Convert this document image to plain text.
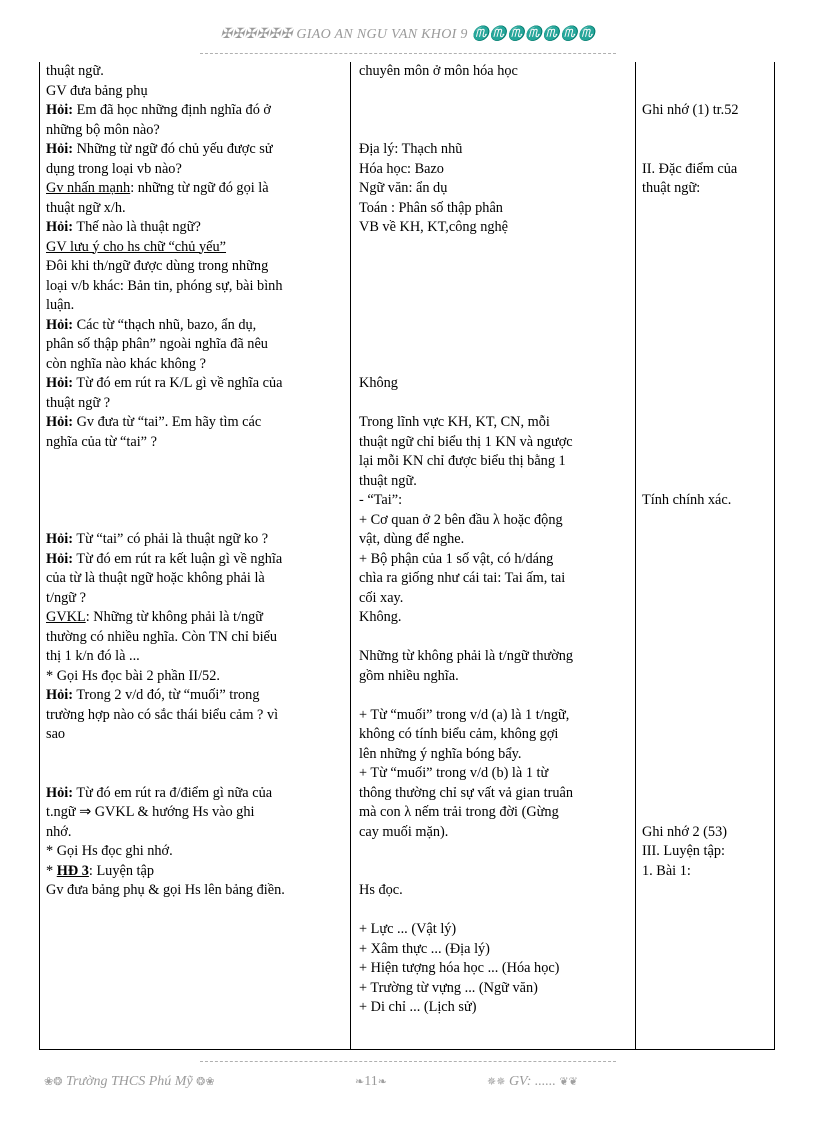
✠✠✠✠✠✠ GIAO AN NGU VAN KHOI 9 ♏♏♏♏♏♏♏
thuật ngữ.
GV đưa bảng phụ
Hỏi: Em đã học những định nghĩa đó ở
những bộ môn nào?
Hỏi: Những từ ngữ đó chủ yếu được sử
dụng trong loại vb nào?
Gv nhấn mạnh: những từ ngữ đó gọi là
thuật ngữ x/h.
Hỏi: Thế nào là thuật ngữ?
GV lưu ý cho hs chữ “chủ yếu”
Đôi khi th/ngữ được dùng trong những
loại v/b khác: Bản tin, phóng sự, bài bình
luận.
Hỏi: Các từ “thạch nhũ, bazo, ẩn dụ,
phân số thập phân” ngoài nghĩa đã nêu
còn nghĩa nào khác không ?
Hỏi: Từ đó em rút ra K/L gì về nghĩa của
thuật ngữ ?
Hỏi: Gv đưa từ “tai”. Em hãy tìm các
nghĩa của từ “tai” ?
Hỏi: Từ “tai” có phải là thuật ngữ ko ?
Hỏi: Từ đó em rút ra kết luận gì về nghĩa
của từ là thuật ngữ hoặc không phải là
t/ngữ ?
GVKL: Những từ không phải là t/ngữ
thường có nhiều nghĩa. Còn TN chỉ biểu
thị 1 k/n đó là ...
* Gọi Hs đọc bài 2 phần II/52.
Hỏi: Trong 2 v/d đó, từ “muối” trong
trường hợp nào có sắc thái biểu cảm ? vì
sao
Hỏi: Từ đó em rút ra đ/điểm gì nữa của
t.ngữ ⇒ GVKL & hướng Hs vào ghi
nhớ.
* Gọi Hs đọc ghi nhớ.
* HĐ 3: Luyện tập
Gv đưa bảng phụ & gọi Hs lên bảng điền.
chuyên môn ở môn hóa học
Địa lý: Thạch nhũ
Hóa học: Bazo
Ngữ văn: ẩn dụ
Toán : Phân số thập phân
VB về KH, KT,công nghệ
Không
Trong lĩnh vực KH, KT, CN, mỗi
thuật ngữ chỉ biểu thị 1 KN và ngược
lại mỗi KN chỉ được biểu thị bằng 1
thuật ngữ.
- “Tai”:
+ Cơ quan ở 2 bên đầu λ hoặc động
vật, dùng để nghe.
+ Bộ phận của 1 số vật, có h/dáng
chìa ra giống như cái tai: Tai ấm, tai
cối xay.
Không.
Những từ không phải là t/ngữ thường
gồm nhiều nghĩa.
+ Từ “muối” trong v/d (a) là 1 t/ngữ,
không có tính biểu cảm, không gợi
lên những ý nghĩa bóng bẩy.
+ Từ “muối” trong v/d (b) là 1 từ
thông thường chỉ sự vất vả gian truân
mà con λ nếm trải trong đời (Gừng
cay muối mặn).
Hs đọc.
+ Lực ... (Vật lý)
+ Xâm thực ... (Địa lý)
+ Hiện tượng hóa học ... (Hóa học)
+ Trường từ vựng ... (Ngữ văn)
+ Di chỉ ... (Lịch sử)
Ghi nhớ (1) tr.52
II. Đặc điểm của
thuật ngữ:
Tính chính xác.
Ghi nhớ 2 (53)
III. Luyện tập:
1. Bài 1:
❀❂ Trường THCS Phú Mỹ ❂❀	❧11❧	✵✵ GV: ...... ❦❦
